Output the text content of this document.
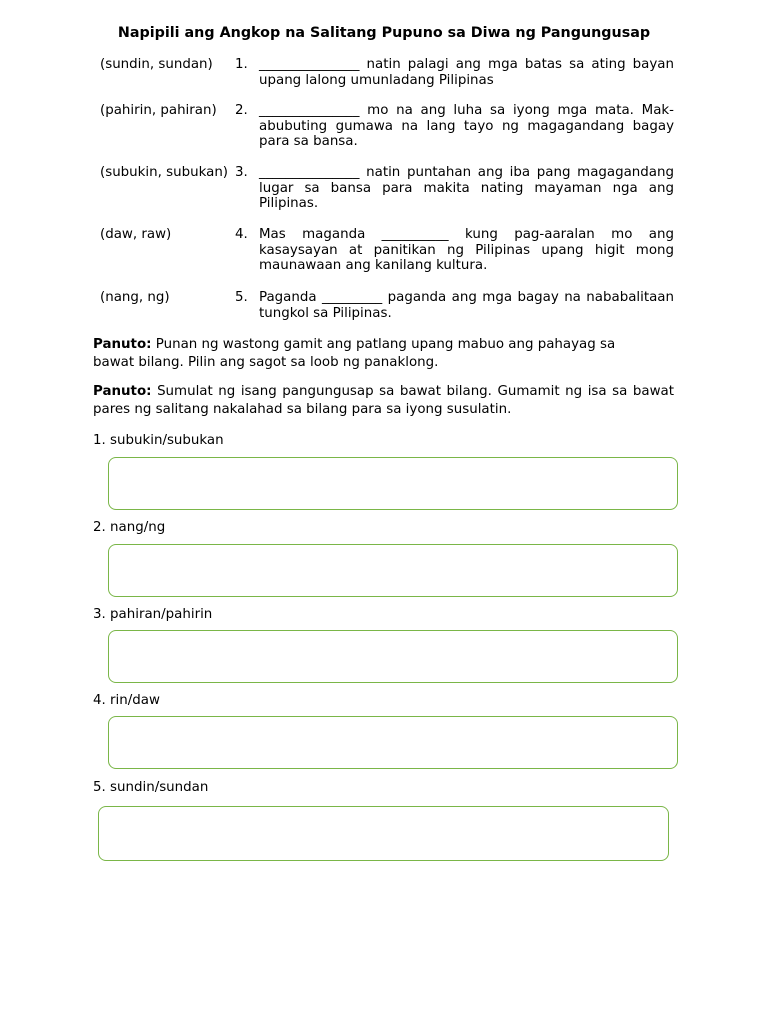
Napipili ang Angkop na Salitang Pupuno sa Diwa ng Pangungusap
(sundin, sundan)	1. _______________ natin palagi ang mga batas sa ating bayan upang lalong umunladang Pilipinas
(pahirin, pahiran)	2. _______________ mo na ang luha sa iyong mga mata. Makabubuting gumawa na lang tayo ng magagandang bagay para sa bansa.
(subukin, subukan) 3. _______________ natin puntahan ang iba pang magagandang lugar sa bansa para makita nating mayaman nga ang Pilipinas.
(daw, raw)	4. Mas maganda __________ kung pag-aaralan mo ang kasaysayan at panitikan ng Pilipinas upang higit mong maunawaan ang kanilang kultura.
(nang, ng)	5. Paganda _________ paganda ang mga bagay na nababalitaan tungkol sa Pilipinas.
Panuto: Punan ng wastong gamit ang patlang upang mabuo ang pahayag sa bawat bilang. Pilin ang sagot sa loob ng panaklong.
Panuto: Sumulat ng isang pangungusap sa bawat bilang. Gumamit ng isa sa bawat pares ng salitang nakalahad sa bilang para sa iyong susulatin.
1. subukin/subukan
2. nang/ng
3. pahiran/pahirin
4. rin/daw
5. sundin/sundan
